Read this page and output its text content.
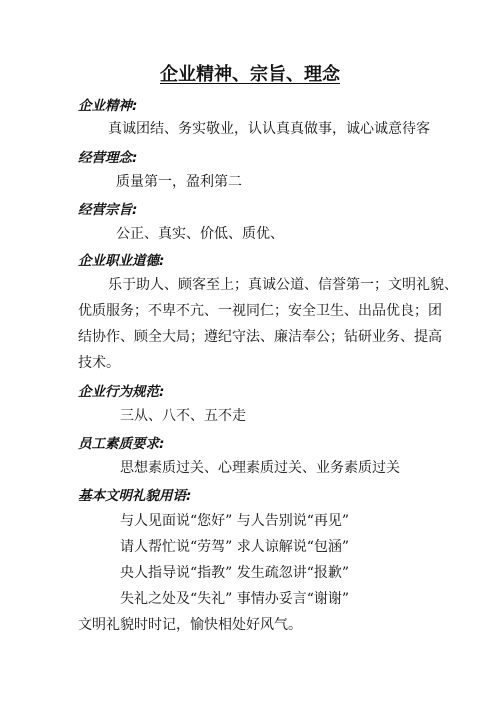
企业精神、宗旨、理念
企业精神:
真诚团结、务实敬业，认认真真做事，诚心诚意待客
经营理念:
质量第一，盈利第二
经营宗旨:
公正、真实、价低、质优、
企业职业道德:
乐于助人、顾客至上；真诚公道、信誉第一；文明礼貌、
优质服务；不卑不亢、一视同仁；安全卫生、出品优良；团
结协作、顾全大局；遵纪守法、廉洁奉公；钻研业务、提高
技术。
企业行为规范:
三从、八不、五不走
员工素质要求:
思想素质过关、心理素质过关、业务素质过关
基本文明礼貌用语:
与人见面说“您好” 与人告别说“再见”
请人帮忙说“劳驾” 求人谅解说“包涵”
央人指导说“指教” 发生疏忽讲“报歉”
失礼之处及“失礼” 事情办妥言“谢谢”
文明礼貌时时记，愉快相处好风气。
